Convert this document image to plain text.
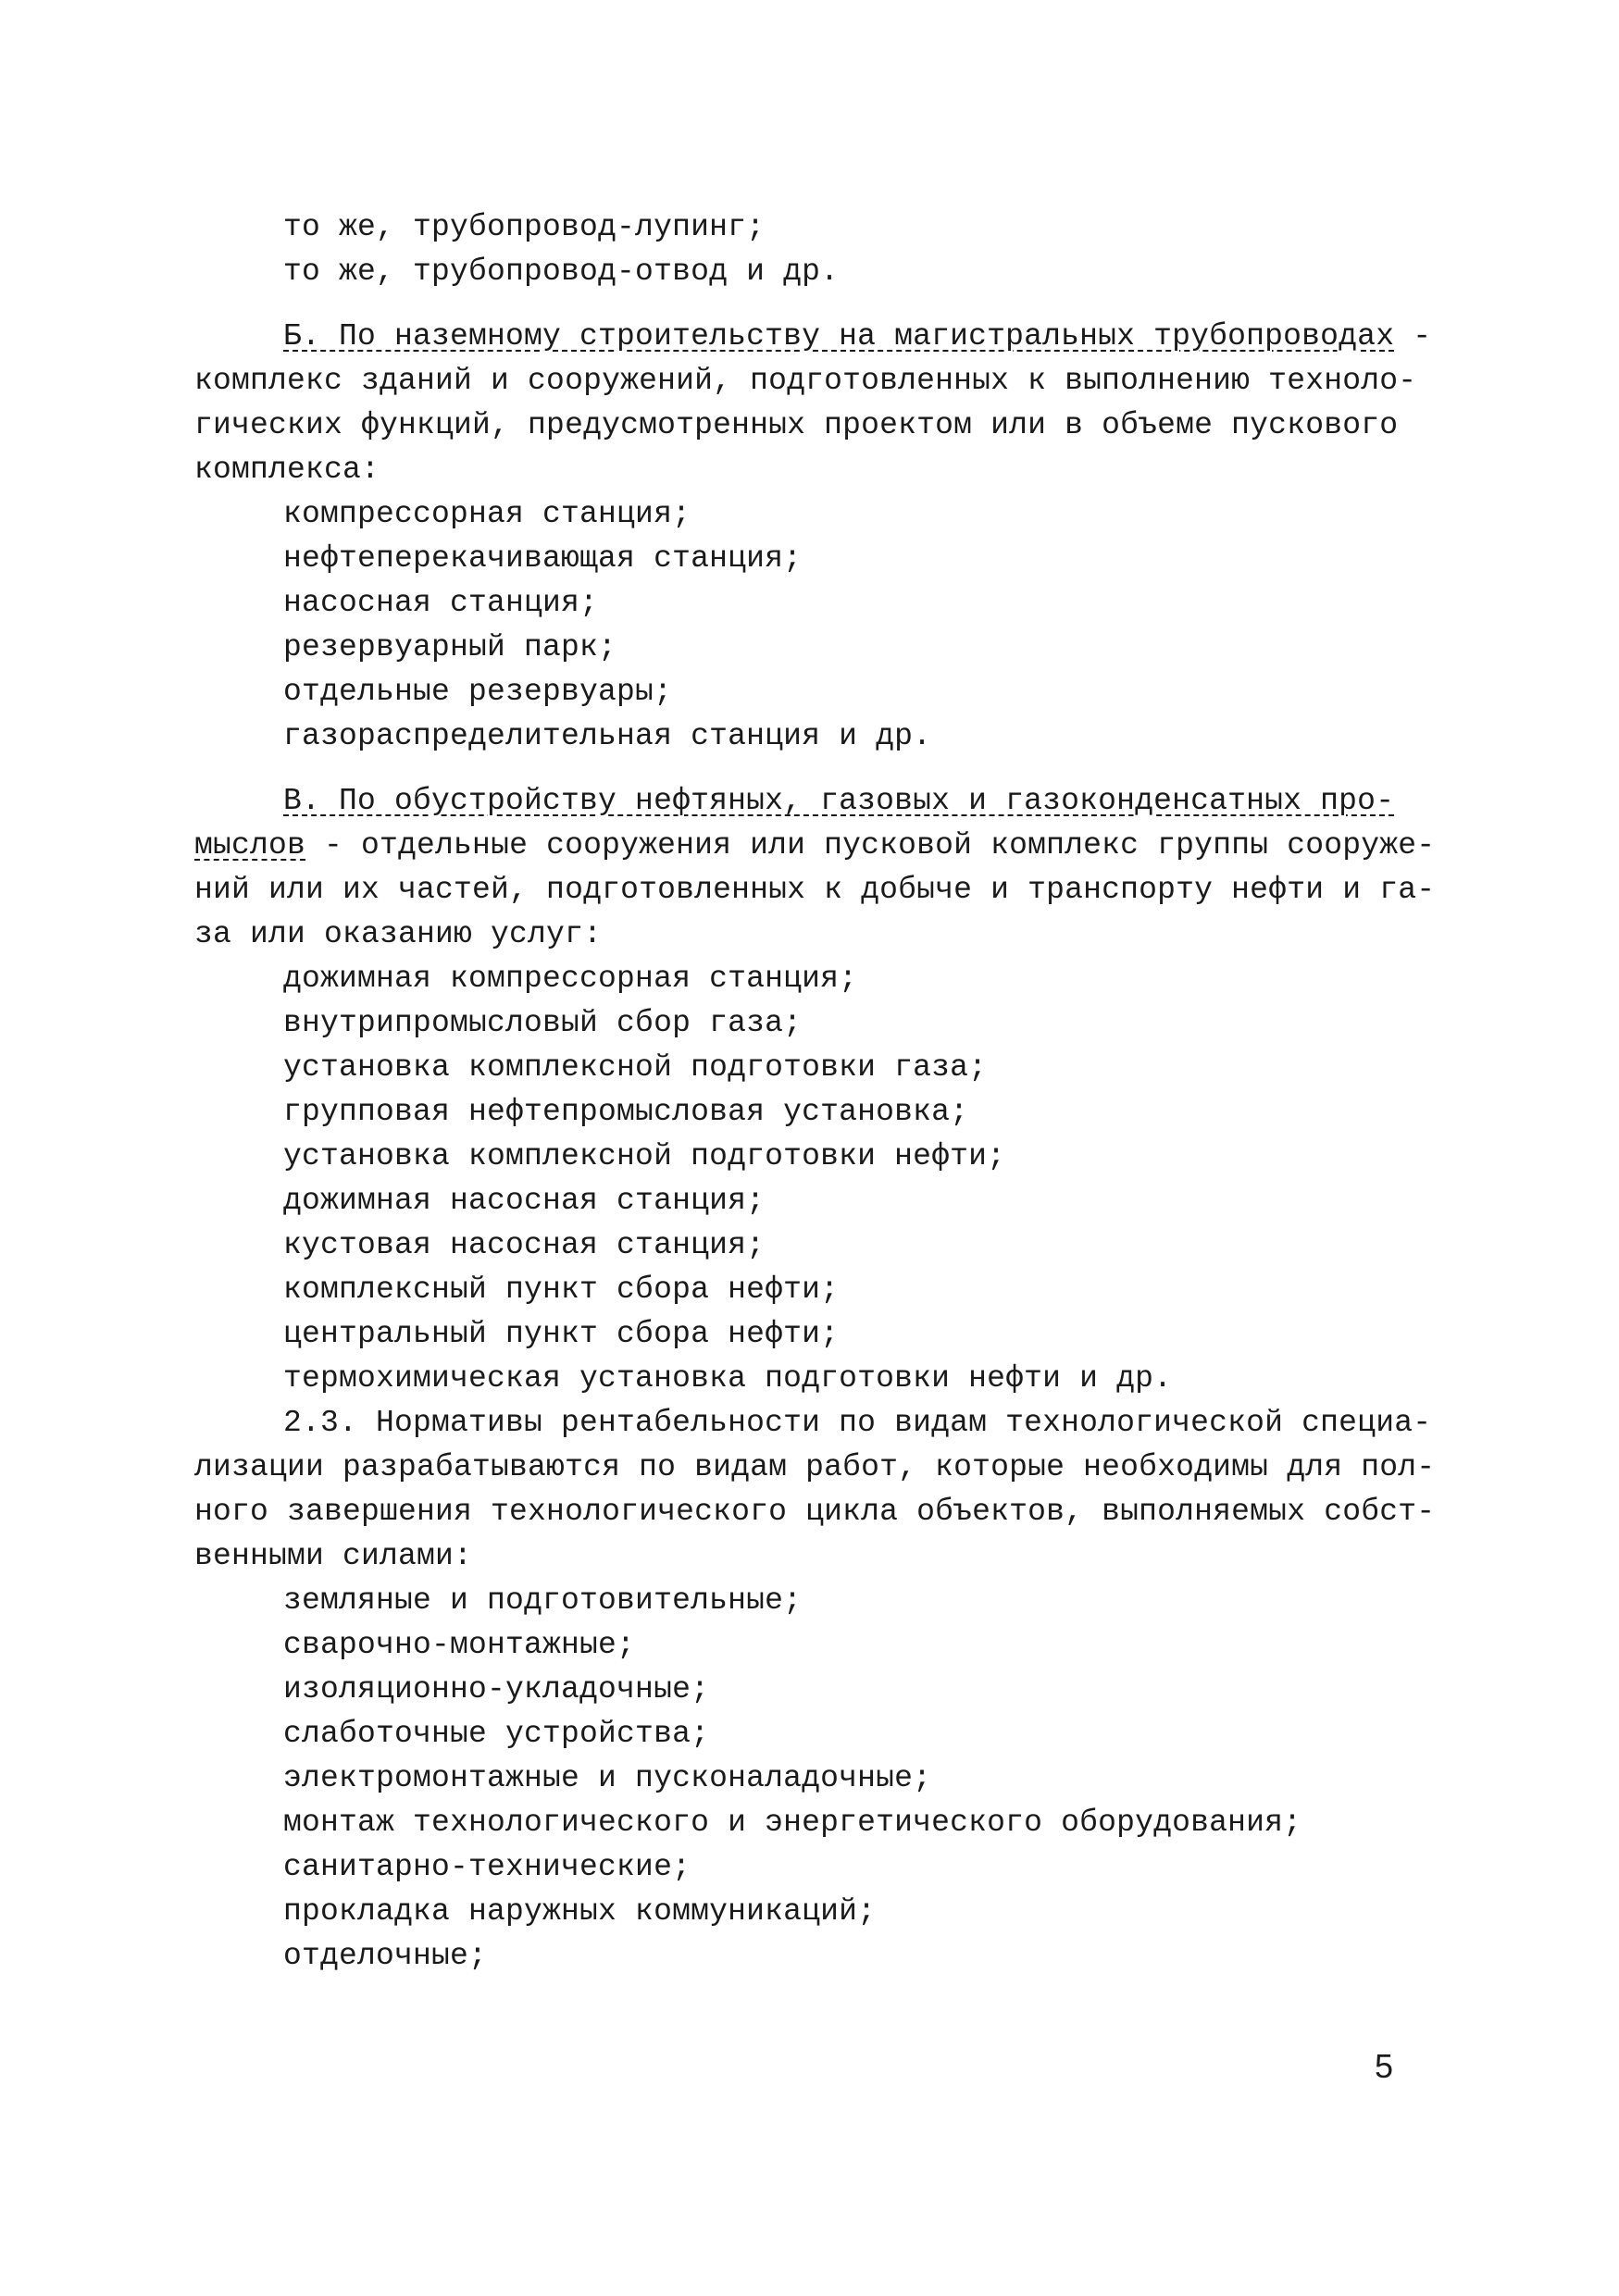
то же, трубопровод-лупинг;
то же, трубопровод-отвод и др.
Б. По наземному строительству на магистральных трубопроводах -
комплекс зданий и сооружений, подготовленных к выполнению техноло-
гических функций, предусмотренных проектом или в объеме пускового
комплекса:
компрессорная станция;
нефтеперекачивающая станция;
насосная станция;
резервуарный парк;
отдельные резервуары;
газораспределительная станция и др.
В. По обустройству нефтяных, газовых и газоконденсатных про-
мыслов - отдельные сооружения или пусковой комплекс группы сооруже-
ний или их частей, подготовленных к добыче и транспорту нефти и га-
за или оказанию услуг:
дожимная компрессорная станция;
внутрипромысловый сбор газа;
установка комплексной подготовки газа;
групповая нефтепромысловая установка;
установка комплексной подготовки нефти;
дожимная насосная станция;
кустовая насосная станция;
комплексный пункт сбора нефти;
центральный пункт сбора нефти;
термохимическая установка подготовки нефти и др.
2.3. Нормативы рентабельности по видам технологической специа-
лизации разрабатываются по видам работ, которые необходимы для пол-
ного завершения технологического цикла объектов, выполняемых собст-
венными силами:
земляные и подготовительные;
сварочно-монтажные;
изоляционно-укладочные;
слаботочные устройства;
электромонтажные и пусконаладочные;
монтаж технологического и энергетического оборудования;
санитарно-технические;
прокладка наружных коммуникаций;
отделочные;
5
